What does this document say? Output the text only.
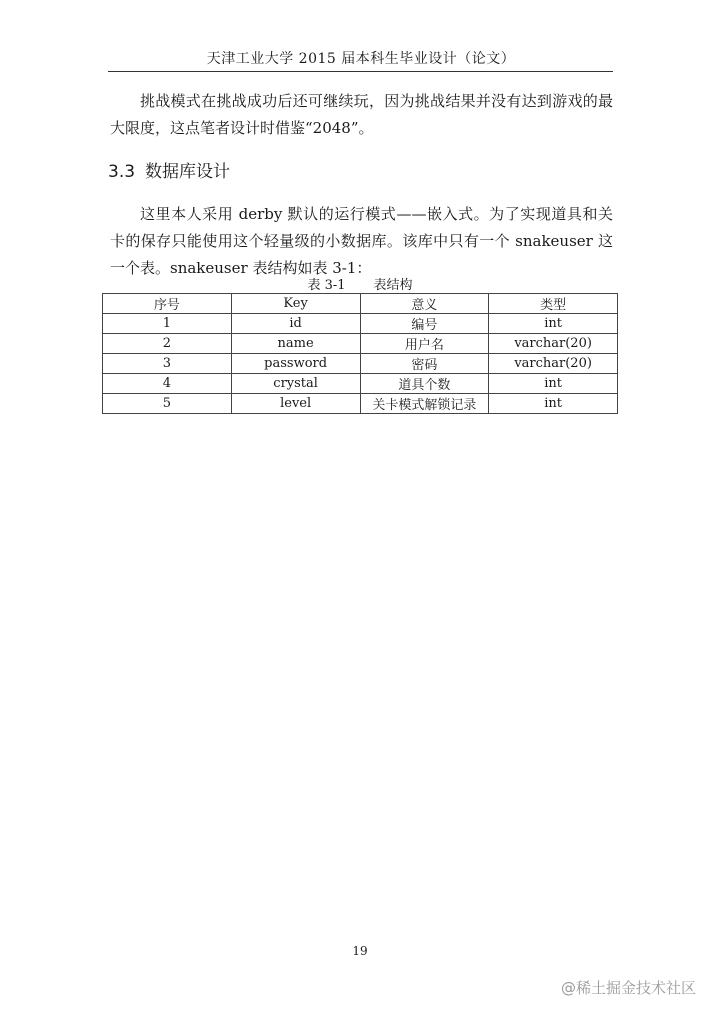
天津工业大学 2015 届本科生毕业设计（论文）

挑战模式在挑战成功后还可继续玩，因为挑战结果并没有达到游戏的最大限度，这点笔者设计时借鉴“2048”。

3.3 数据库设计

这里本人采用 derby 默认的运行模式——嵌入式。为了实现道具和关卡的保存只能使用这个轻量级的小数据库。该库中只有一个 snakeuser 这一个表。snakeuser 表结构如表 3-1：

表 3-1 表结构
序号	Key	意义	类型
1	id	编号	int
2	name	用户名	varchar(20)
3	password	密码	varchar(20)
4	crystal	道具个数	int
5	level	关卡模式解锁记录	int
19
@稀土掘金技术社区
